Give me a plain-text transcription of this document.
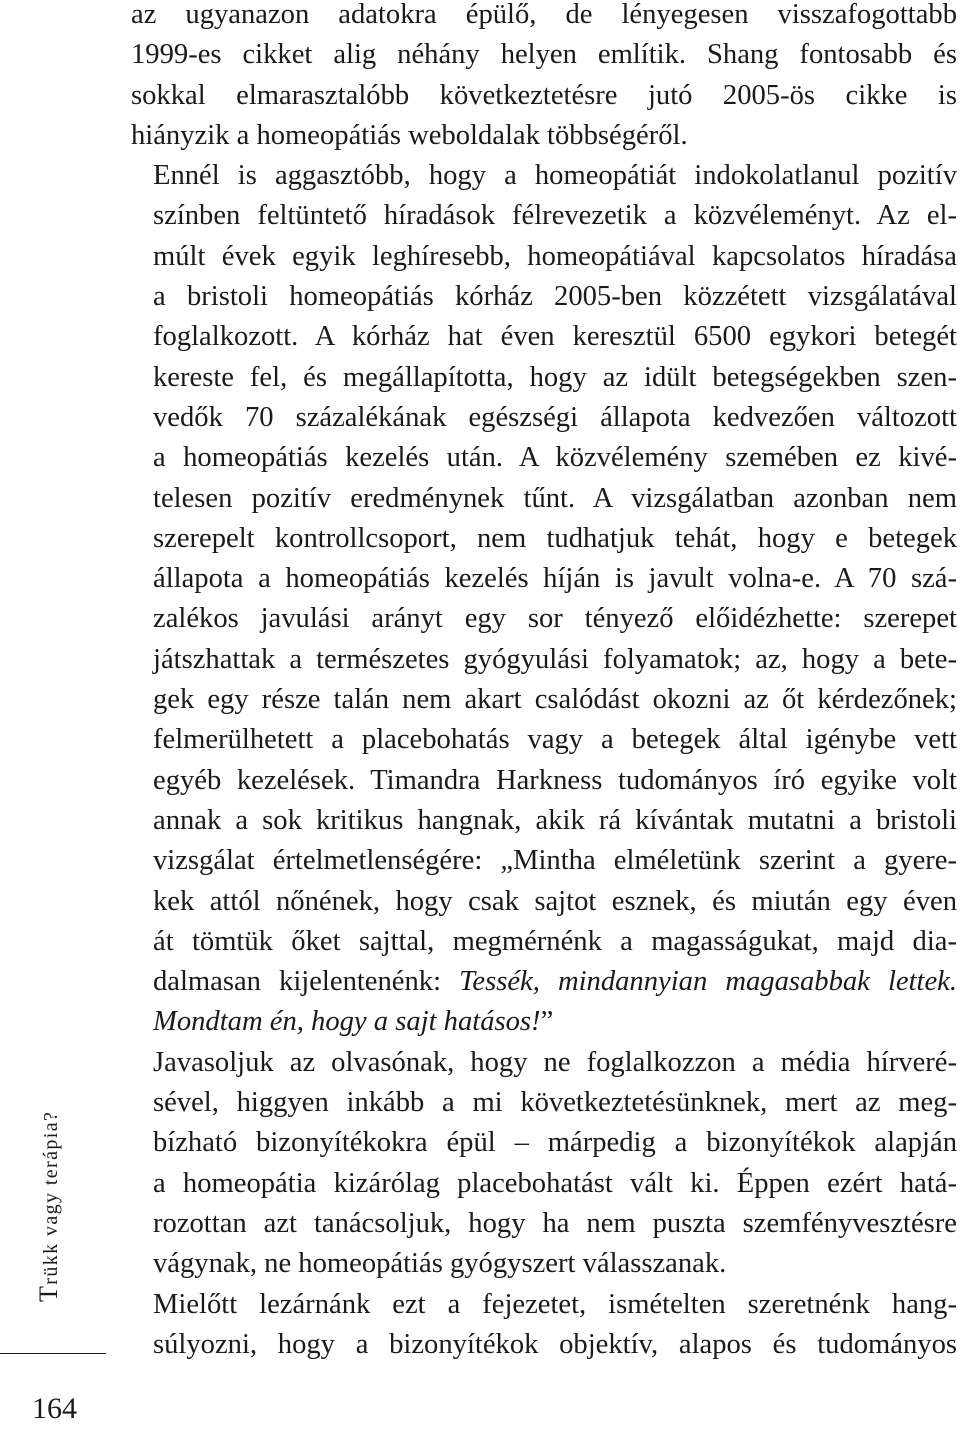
Trükk vagy terápia?
164

az ugyanazon adatokra épülő, de lényegesen visszafogottabb
1999-es cikket alig néhány helyen említik. Shang fontosabb és
sokkal elmarasztalóbb következtetésre jutó 2005-ös cikke is
hiányzik a homeopátiás weboldalak többségéről.

Ennél is aggasztóbb, hogy a homeopátiát indokolatlanul pozitív
színben feltüntető híradások félrevezetik a közvéleményt. Az el-
múlt évek egyik leghíresebb, homeopátiával kapcsolatos híradása
a bristoli homeopátiás kórház 2005-ben közzétett vizsgálatával
foglalkozott. A kórház hat éven keresztül 6500 egykori betegét
kereste fel, és megállapította, hogy az idült betegségekben szen-
vedők 70 százalékának egészségi állapota kedvezően változott
a homeopátiás kezelés után. A közvélemény szemében ez kivé-
telesen pozitív eredménynek tűnt. A vizsgálatban azonban nem
szerepelt kontrollcsoport, nem tudhatjuk tehát, hogy e betegek
állapota a homeopátiás kezelés híján is javult volna-e. A 70 szá-
zalékos javulási arányt egy sor tényező előidézhette: szerepet
játszhattak a természetes gyógyulási folyamatok; az, hogy a bete-
gek egy része talán nem akart csalódást okozni az őt kérdezőnek;
felmerülhetett a placebohatás vagy a betegek által igénybe vett
egyéb kezelések. Timandra Harkness tudományos író egyike volt
annak a sok kritikus hangnak, akik rá kívántak mutatni a bristoli
vizsgálat értelmetlenségére: „Mintha elméletünk szerint a gyere-
kek attól nőnének, hogy csak sajtot esznek, és miután egy éven
át tömtük őket sajttal, megmérnénk a magasságukat, majd dia-
dalmasan kijelentenénk: Tessék, mindannyian magasabbak lettek.
Mondtam én, hogy a sajt hatásos!”

Javasoljuk az olvasónak, hogy ne foglalkozzon a média hírveré-
sével, higgyen inkább a mi következtetésünknek, mert az meg-
bízható bizonyítékokra épül – márpedig a bizonyítékok alapján
a homeopátia kizárólag placebohatást vált ki. Éppen ezért hatá-
rozottan azt tanácsoljuk, hogy ha nem puszta szemfényvesztésre
vágynak, ne homeopátiás gyógyszert válasszanak.

Mielőtt lezárnánk ezt a fejezetet, ismételten szeretnénk hang-
súlyozni, hogy a bizonyítékok objektív, alapos és tudományos
